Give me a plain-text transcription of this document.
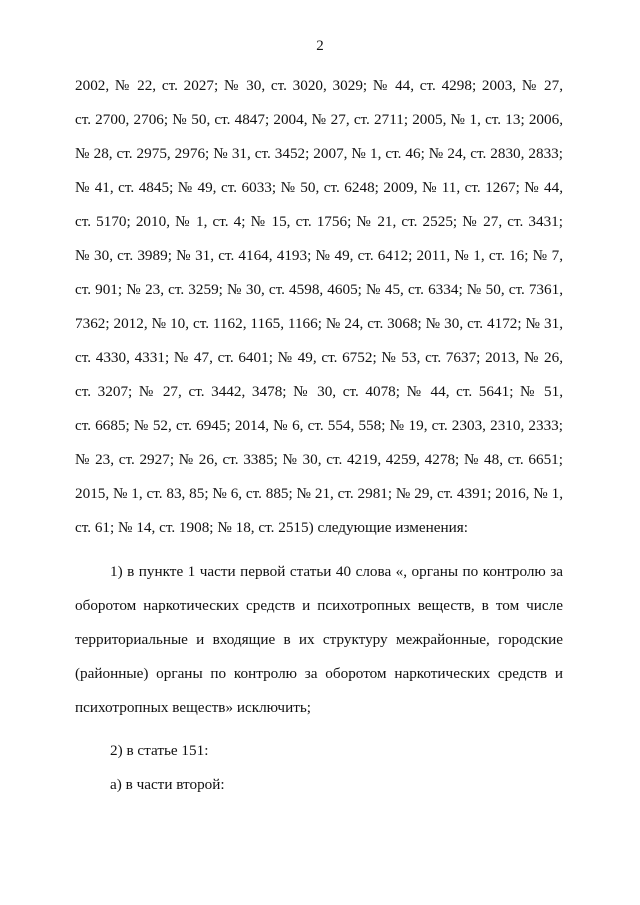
2
2002, № 22, ст. 2027; № 30, ст. 3020, 3029; № 44, ст. 4298; 2003, № 27,
ст. 2700, 2706; № 50, ст. 4847; 2004, № 27, ст. 2711; 2005, № 1, ст. 13; 2006,
№ 28, ст. 2975, 2976; № 31, ст. 3452; 2007, № 1, ст. 46; № 24, ст. 2830, 2833;
№ 41, ст. 4845; № 49, ст. 6033; № 50, ст. 6248; 2009, № 11, ст. 1267; № 44,
ст. 5170; 2010, № 1, ст. 4; № 15, ст. 1756; № 21, ст. 2525; № 27, ст. 3431;
№ 30, ст. 3989; № 31, ст. 4164, 4193; № 49, ст. 6412; 2011, № 1, ст. 16; № 7,
ст. 901; № 23, ст. 3259; № 30, ст. 4598, 4605; № 45, ст. 6334; № 50, ст. 7361,
7362; 2012, № 10, ст. 1162, 1165, 1166; № 24, ст. 3068; № 30, ст. 4172; № 31,
ст. 4330, 4331; № 47, ст. 6401; № 49, ст. 6752; № 53, ст. 7637; 2013, № 26,
ст. 3207; № 27, ст. 3442, 3478; № 30, ст. 4078; № 44, ст. 5641; № 51,
ст. 6685; № 52, ст. 6945; 2014, № 6, ст. 554, 558; № 19, ст. 2303, 2310, 2333;
№ 23, ст. 2927; № 26, ст. 3385; № 30, ст. 4219, 4259, 4278; № 48, ст. 6651;
2015, № 1, ст. 83, 85; № 6, ст. 885; № 21, ст. 2981; № 29, ст. 4391; 2016, № 1,
ст. 61; № 14, ст. 1908; № 18, ст. 2515) следующие изменения:
1) в пункте 1 части первой статьи 40 слова «, органы по контролю за
оборотом наркотических средств и психотропных веществ, в том числе
территориальные и входящие в их структуру межрайонные, городские
(районные) органы по контролю за оборотом наркотических средств и
психотропных веществ» исключить;
2) в статье 151:
а) в части второй:
